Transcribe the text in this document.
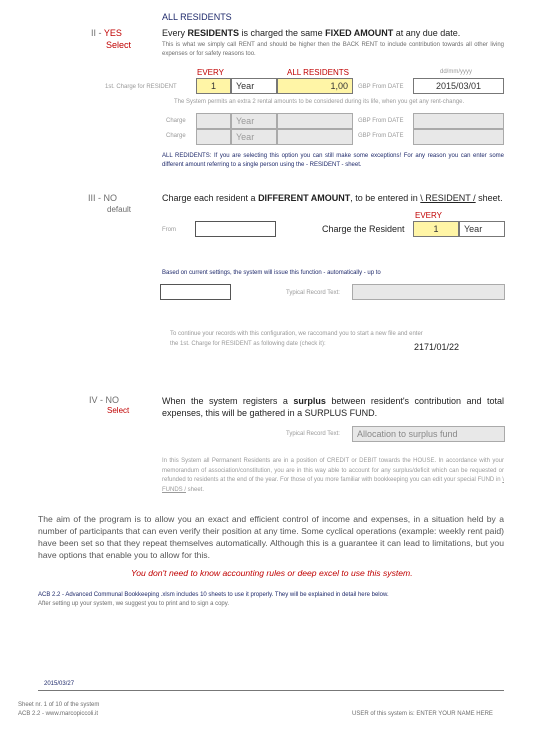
ALL RESIDENTS
II - YES
Select
Every RESIDENTS is charged the same FIXED AMOUNT at any due date.
This is what we simply call RENT and should be higher then the BACK RENT to include contribution towards all other living expenses or for safety reasons too.
EVERY	ALL RESIDENTS	dd/mm/yyyy
1st. Charge for RESIDENT	1	Year	1,00	GBP From DATE	2015/03/01
The System permits an extra 2 rental amounts to be considered during its life, when you get any rent-change.
Charge	Year	GBP From DATE
Charge	Year	GBP From DATE
ALL REDIDENTS: If you are selecting this option you can still make some exceptions! For any reason you can enter some different amount referring to a single person using the - RESIDENT - sheet.
III - NO
default
Charge each resident a DIFFERENT AMOUNT, to be entered in \ RESIDENT / sheet.
EVERY
From	Charge the Resident	1	Year
Based on current settings, the system will issue this function - automatically - up to
Typical Record Text:
To continue your records with this configuration, we raccomand you to start a new file and enter
the 1st. Charge for RESIDENT as following date (check it):	2171/01/22
IV - NO
Select
When the system registers a surplus between resident's contribution and total expenses, this will be gathered in a SURPLUS FUND.
Typical Record Text:	Allocation to surplus fund
In this System all Permanent Residents are in a position of CREDIT or DEBIT towards the HOUSE. In accordance with your memorandum of association/constitution, you are in this way able to account for any surplus/deficit which can be requested or refunded to residents at the end of the year. For those of you more familiar with bookkeeping you can edit your special FUND in \ FUNDS / sheet.
The aim of the program is to allow you an exact and efficient control of income and expenses, in a situation held by a number of participants that can even verify their position at any time. Some cyclical operations (example: weekly rent paid) have been set so that they repeat themselves automatically. Although this is a guarantee it can lead to limitations, but you have options that enable you to allow for this.
You don't need to know accounting rules or deep excel to use this system.
ACB 2.2 - Advanced Communal Bookkeeping .xlsm includes 10 sheets to use it properly. They will be explained in detail here below.
After setting up your system, we suggest you to print and to sign a copy.
2015/03/27
Sheet nr. 1 of 10 of the system
ACB 2.2 - www.marcopiccoli.it	USER of this system is: ENTER YOUR NAME HERE
